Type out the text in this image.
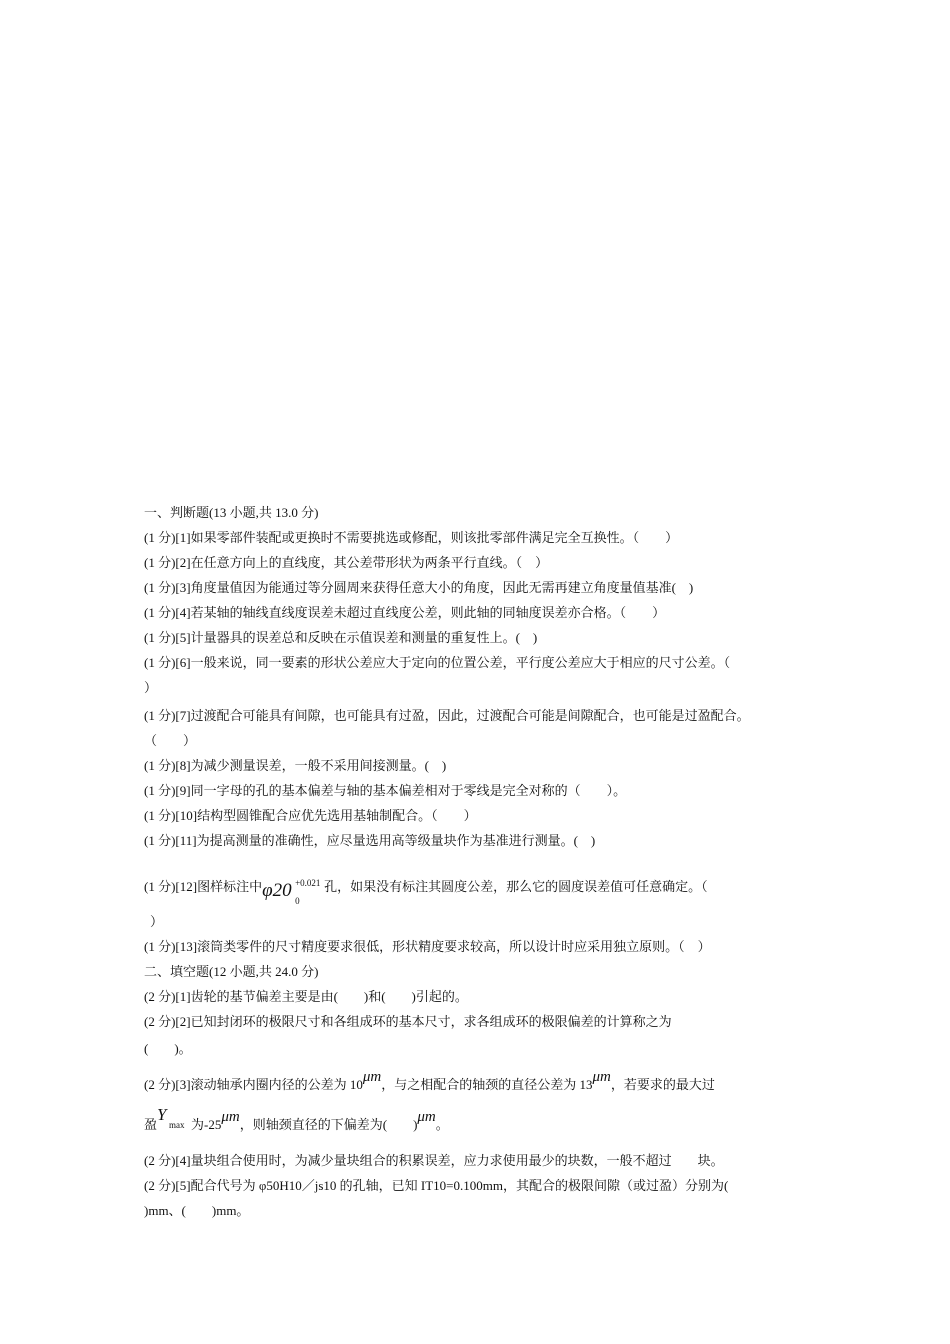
一、判断题(13 小题,共 13.0 分)
(1 分)[1]如果零部件装配或更换时不需要挑选或修配，则该批零部件满足完全互换性。（　　）
(1 分)[2]在任意方向上的直线度，其公差带形状为两条平行直线。（　）
(1 分)[3]角度量值因为能通过等分圆周来获得任意大小的角度，因此无需再建立角度量值基准(　)
(1 分)[4]若某轴的轴线直线度误差未超过直线度公差，则此轴的同轴度误差亦合格。（　　）
(1 分)[5]计量器具的误差总和反映在示值误差和测量的重复性上。(　)
(1 分)[6]一般来说，同一要素的形状公差应大于定向的位置公差，平行度公差应大于相应的尺寸公差。（
）
(1 分)[7]过渡配合可能具有间隙，也可能具有过盈，因此，过渡配合可能是间隙配合，也可能是过盈配合。
（　　）
(1 分)[8]为减少测量误差，一般不采用间接测量。(　)
(1 分)[9]同一字母的孔的基本偏差与轴的基本偏差相对于零线是完全对称的（　　）。
(1 分)[10]结构型圆锥配合应优先选用基轴制配合。（　　）
(1 分)[11]为提高测量的准确性，应尽量选用高等级量块作为基准进行测量。(　)
(1 分)[12]图样标注中 φ20 +0.021
0
孔，如果没有标注其圆度公差，那么它的圆度误差值可任意确定。（
）
(1 分)[13]滚筒类零件的尺寸精度要求很低，形状精度要求较高，所以设计时应采用独立原则。（　）
二、填空题(12 小题,共 24.0 分)
(2 分)[1]齿轮的基节偏差主要是由(　　)和(　　)引起的。
(2 分)[2]已知封闭环的极限尺寸和各组成环的基本尺寸，求各组成环的极限偏差的计算称之为
(　　)。
(2 分)[3]滚动轴承内圈内径的公差为 10μm，与之相配合的轴颈的直径公差为 13μm，若要求的最大过
盈
Y
max 为-25μm，则轴颈直径的下偏差为(　　)μm。
(2 分)[4]量块组合使用时，为减少量块组合的积累误差，应力求使用最少的块数，一般不超过　　块。
(2 分)[5]配合代号为 φ50H10／js10 的孔轴，已知 IT10=0.100mm，其配合的极限间隙（或过盈）分别为(
)mm、(　　)mm。
